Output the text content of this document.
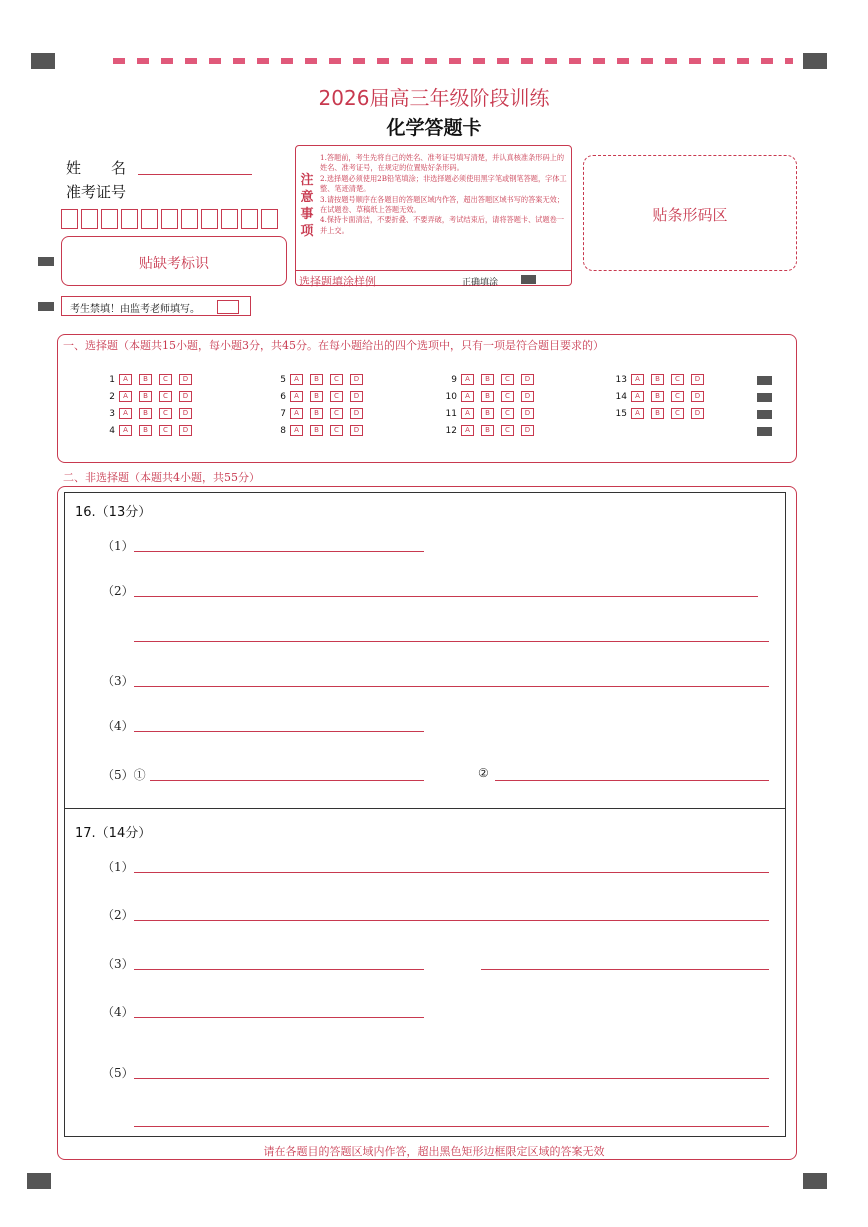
2026届高三年级阶段训练
化学答题卡
姓　　名
准考证号
贴缺考标识
考生禁填！由监考老师填写。
注
意
事
项
1.答题前，考生先将自己的姓名、准考证号填写清楚，并认真核准条形码上的姓名、准考证号，在规定的位置贴好条形码。
2.选择题必须使用2B铅笔填涂；非选择题必须使用黑字笔或钢笔答题，字体工整、笔迹清楚。
3.请按题号顺序在各题目的答题区域内作答，超出答题区域书写的答案无效；在试题卷、草稿纸上答题无效。
4.保持卡面清洁，不要折叠、不要弄破，考试结束后，请将答题卡、试题卷一并上交。
选择题填涂样例	正确填涂
贴条形码区
一、选择题（本题共15小题，每小题3分，共45分。在每小题给出的四个选项中，只有一项是符合题目要求的）
1 A B C D
2 A B C D
3 A B C D
4 A B C D
5 A B C D
6 A B C D
7 A B C D
8 A B C D
9 A B C D
10 A B C D
11 A B C D
12 A B C D
13 A B C D
14 A B C D
15 A B C D
二、非选择题（本题共4小题，共55分）
16.（13分）
（1）
（2）
（3）
（4）
（5）①	②
17.（14分）
（1）
（2）
（3）
（4）
（5）
请在各题目的答题区域内作答，超出黑色矩形边框限定区域的答案无效
